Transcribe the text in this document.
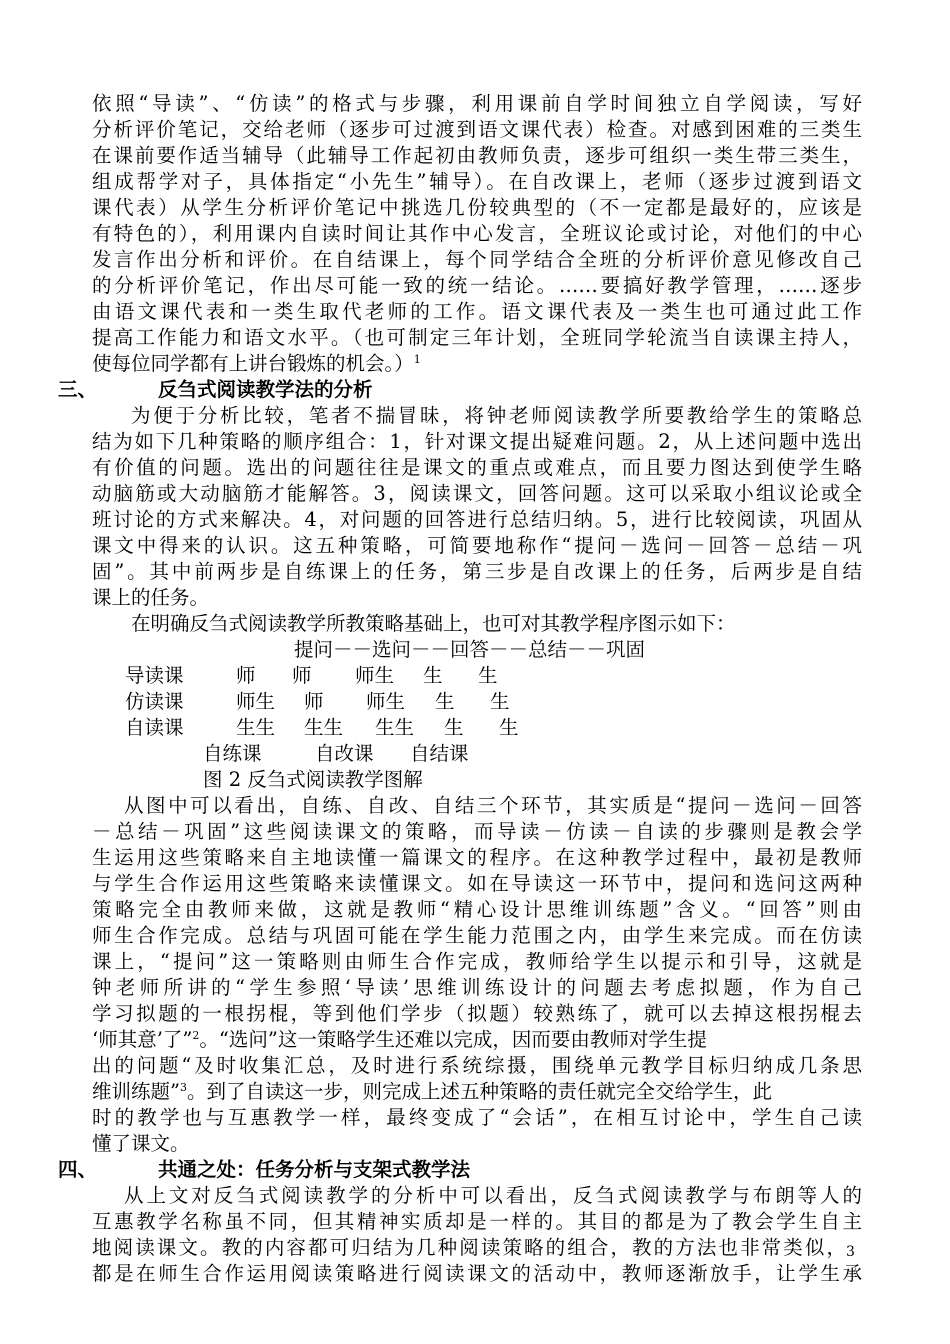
依照“导读”、“仿读”的格式与步骤，利用课前自学时间独立自学阅读，写好
分析评价笔记，交给老师（逐步可过渡到语文课代表）检查。对感到困难的三类生
在课前要作适当辅导（此辅导工作起初由教师负责，逐步可组织一类生带三类生，
组成帮学对子，具体指定“小先生”辅导）。在自改课上，老师（逐步过渡到语文
课代表）从学生分析评价笔记中挑选几份较典型的（不一定都是最好的，应该是
有特色的），利用课内自读时间让其作中心发言，全班议论或讨论，对他们的中心
发言作出分析和评价。在自结课上，每个同学结合全班的分析评价意见修改自己
的分析评价笔记，作出尽可能一致的统一结论。……要搞好教学管理，……逐步
由语文课代表和一类生取代老师的工作。语文课代表及一类生也可通过此工作
提高工作能力和语文水平。（也可制定三年计划，全班同学轮流当自读课主持人，
使每位同学都有上讲台锻炼的机会。）$^1$
三、	反刍式阅读教学法的分析
为便于分析比较，笔者不揣冒昧，将钟老师阅读教学所要教给学生的策略总
结为如下几种策略的顺序组合：1，针对课文提出疑难问题。2，从上述问题中选出
有价值的问题。选出的问题往往是课文的重点或难点，而且要力图达到使学生略
动脑筋或大动脑筋才能解答。3，阅读课文，回答问题。这可以采取小组议论或全
班讨论的方式来解决。4，对问题的回答进行总结归纳。5，进行比较阅读，巩固从
课文中得来的认识。这五种策略，可简要地称作“提问－选问－回答－总结－巩
固”。其中前两步是自练课上的任务，第三步是自改课上的任务，后两步是自结
课上的任务。
在明确反刍式阅读教学所教策略基础上，也可对其教学程序图示如下：
提问－－选问－－回答－－总结－－巩固
导读课	师 师 师生 生 生
仿读课	师生 师 师生 生 生
自读课	生生 生生 生生 生 生
自练课	自改课 自结课
图 2 反刍式阅读教学图解
从图中可以看出，自练、自改、自结三个环节，其实质是“提问－选问－回答
－总结－巩固”这些阅读课文的策略，而导读－仿读－自读的步骤则是教会学
生运用这些策略来自主地读懂一篇课文的程序。在这种教学过程中，最初是教师
与学生合作运用这些策略来读懂课文。如在导读这一环节中，提问和选问这两种
策略完全由教师来做，这就是教师“精心设计思维训练题”含义。“回答”则由
师生合作完成。总结与巩固可能在学生能力范围之内，由学生来完成。而在仿读
课上，“提问”这一策略则由师生合作完成，教师给学生以提示和引导，这就是
钟老师所讲的“学生参照‘导读’思维训练设计的问题去考虑拟题，作为自己
学习拟题的一根拐棍，等到他们学步（拟题）较熟练了，就可以去掉这根拐棍去
‘师其意’了”$^2$。“选问”这一策略学生还难以完成，因而要由教师对学生提
出的问题“及时收集汇总，及时进行系统综摄，围绕单元教学目标归纳成几条思
维训练题”$^3$。到了自读这一步，则完成上述五种策略的责任就完全交给学生，此
时的教学也与互惠教学一样，最终变成了“会话”，在相互讨论中，学生自己读
懂了课文。
四、	共通之处：任务分析与支架式教学法
从上文对反刍式阅读教学的分析中可以看出，反刍式阅读教学与布朗等人的
互惠教学名称虽不同，但其精神实质却是一样的。其目的都是为了教会学生自主
地阅读课文。教的内容都可归结为几种阅读策略的组合，教的方法也非常类似，
都是在师生合作运用阅读策略进行阅读课文的活动中，教师逐渐放手，让学生承
3
